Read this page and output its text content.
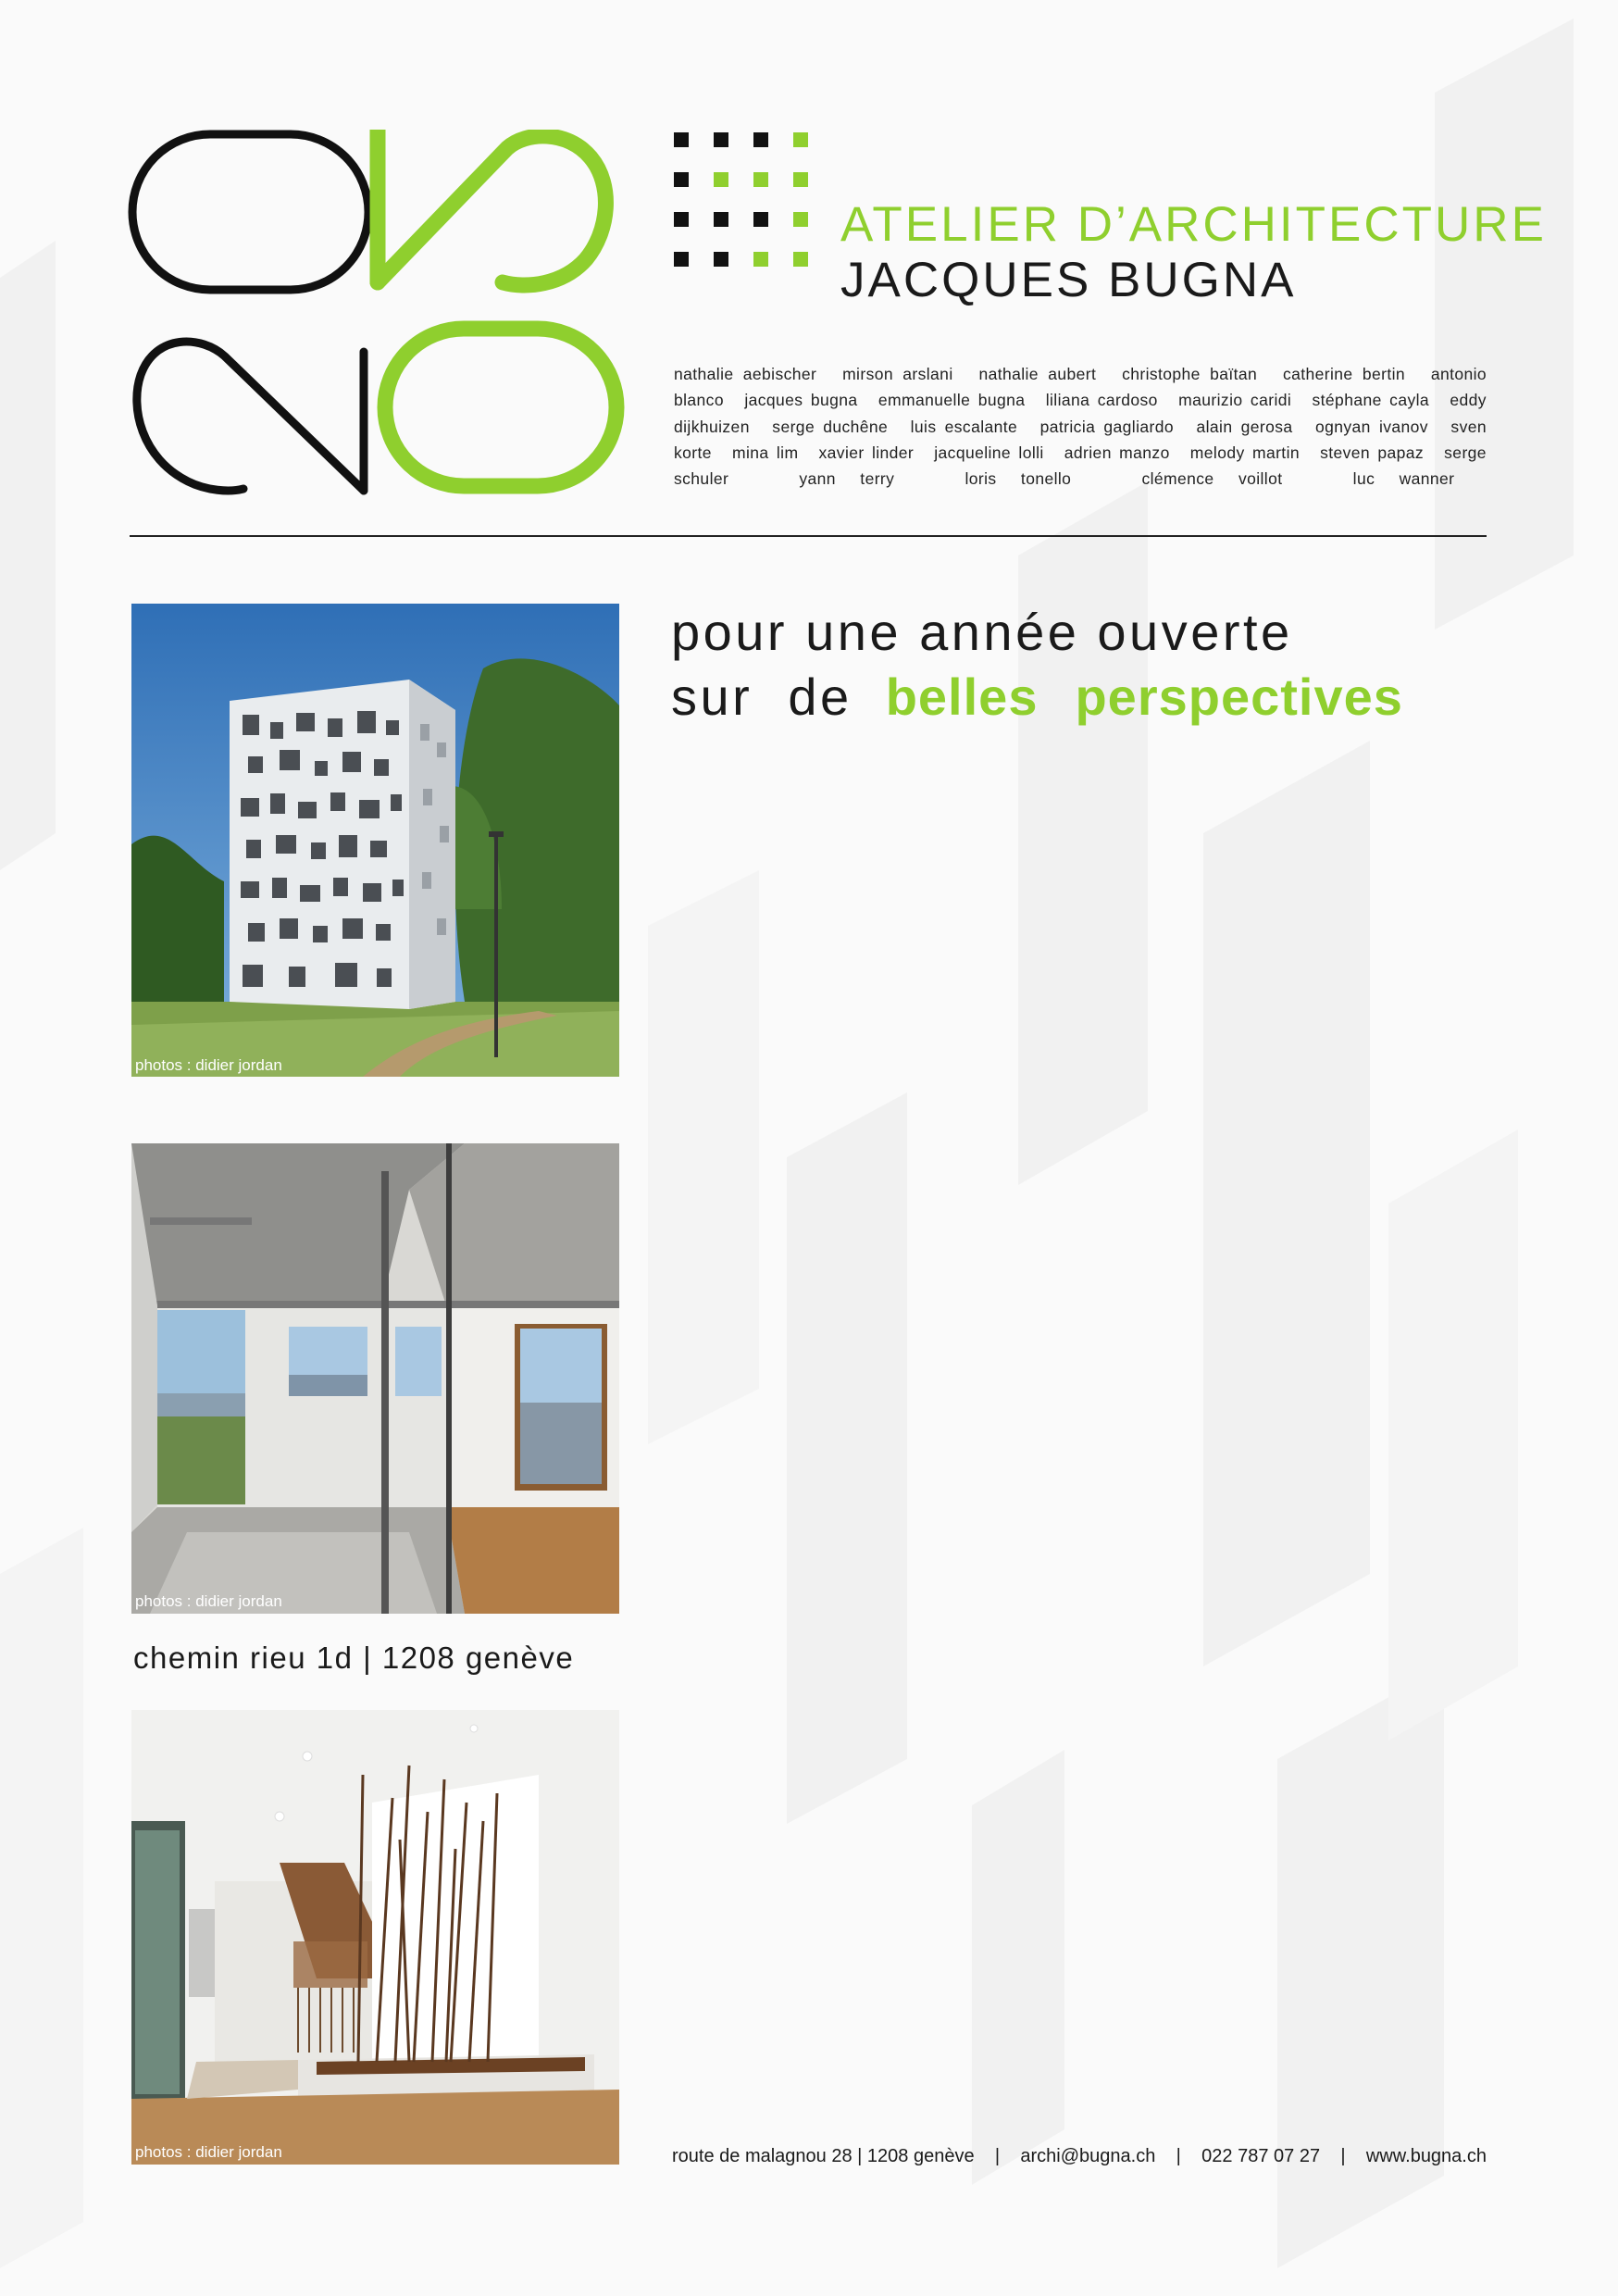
ATELIER D’ARCHITECTURE
JACQUES BUGNA
nathalie aebischer mirson arslani nathalie aubert christophe baïtan catherine bertin antonio blanco jacques bugna emmanuelle bugna liliana cardoso maurizio caridi stéphane cayla eddy dijkhuizen serge duchêne luis escalante patricia gagliardo alain gerosa ognyan ivanov sven korte mina lim xavier linder jacqueline lolli adrien manzo melody martin steven papaz serge schuler	yann terry	loris tonello	clémence voillot	luc wanner
photos : didier jordan
photos : didier jordan
photos : didier jordan
pour une année ouverte
sur  de belles perspectives
chemin rieu 1d | 1208 genève
route de malagnou 28 | 1208 genève | archi@bugna.ch | 022 787 07 27 | www.bugna.ch
